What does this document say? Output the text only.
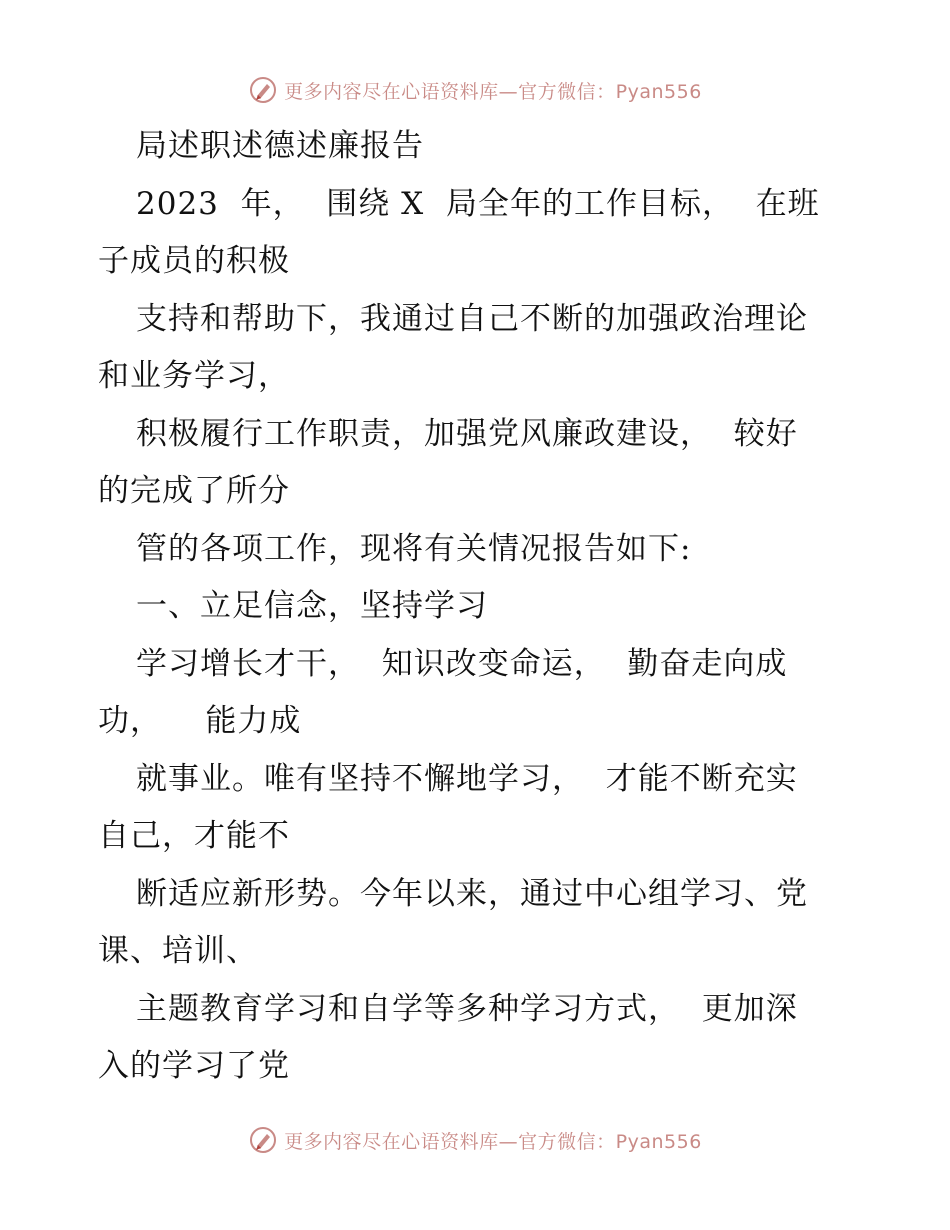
更多内容尽在心语资料库—官方微信：Pyan556
局述职述德述廉报告
2023  年，  围绕 X  局全年的工作目标，  在班
子成员的积极
支持和帮助下，我通过自己不断的加强政治理论
和业务学习，
积极履行工作职责，加强党风廉政建设，  较好
的完成了所分
管的各项工作，现将有关情况报告如下:
一、立足信念，坚持学习
学习增长才干，  知识改变命运，  勤奋走向成
功，    能力成
就事业。唯有坚持不懈地学习，  才能不断充实
自己，才能不
断适应新形势。今年以来，通过中心组学习、党
课、培训、
主题教育学习和自学等多种学习方式，  更加深
入的学习了党
更多内容尽在心语资料库—官方微信：Pyan556
